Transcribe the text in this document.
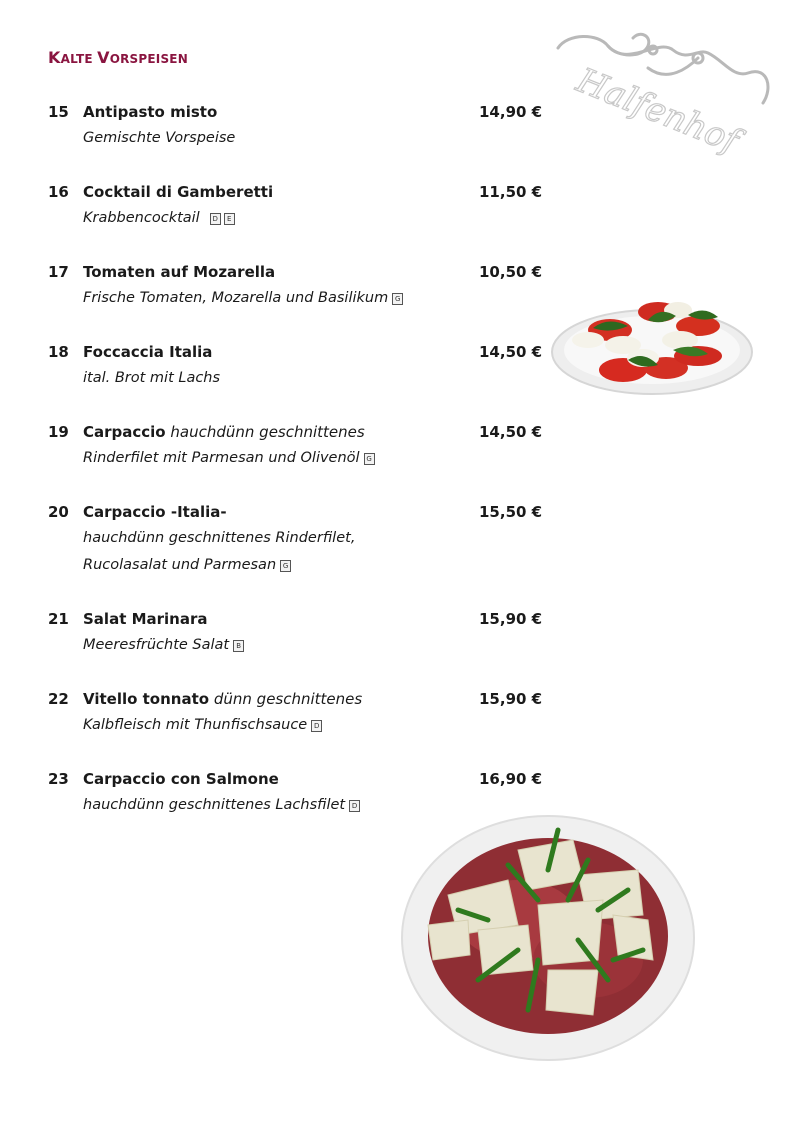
KALTE VORSPEISEN
Halfenhof
15 Antipasto misto
Gemischte Vorspeise
14,90 €
16 Cocktail di Gamberetti
Krabbencocktail D E
11,50 €
17 Tomaten auf Mozarella
Frische Tomaten, Mozarella und Basilikum G
10,50 €
18 Foccaccia Italia
ital. Brot mit Lachs
14,50 €
19 Carpaccio hauchdünn geschnittenes
Rinderfilet mit Parmesan und Olivenöl G
14,50 €
20 Carpaccio -Italia-
hauchdünn geschnittenes Rinderfilet,
Rucolasalat und Parmesan G
15,50 €
21 Salat Marinara
Meeresfrüchte Salat B
15,90 €
22 Vitello tonnato dünn geschnittenes
Kalbfleisch mit Thunfischsauce D
15,90 €
23 Carpaccio con Salmone
hauchdünn geschnittenes Lachsfilet D
16,90 €
